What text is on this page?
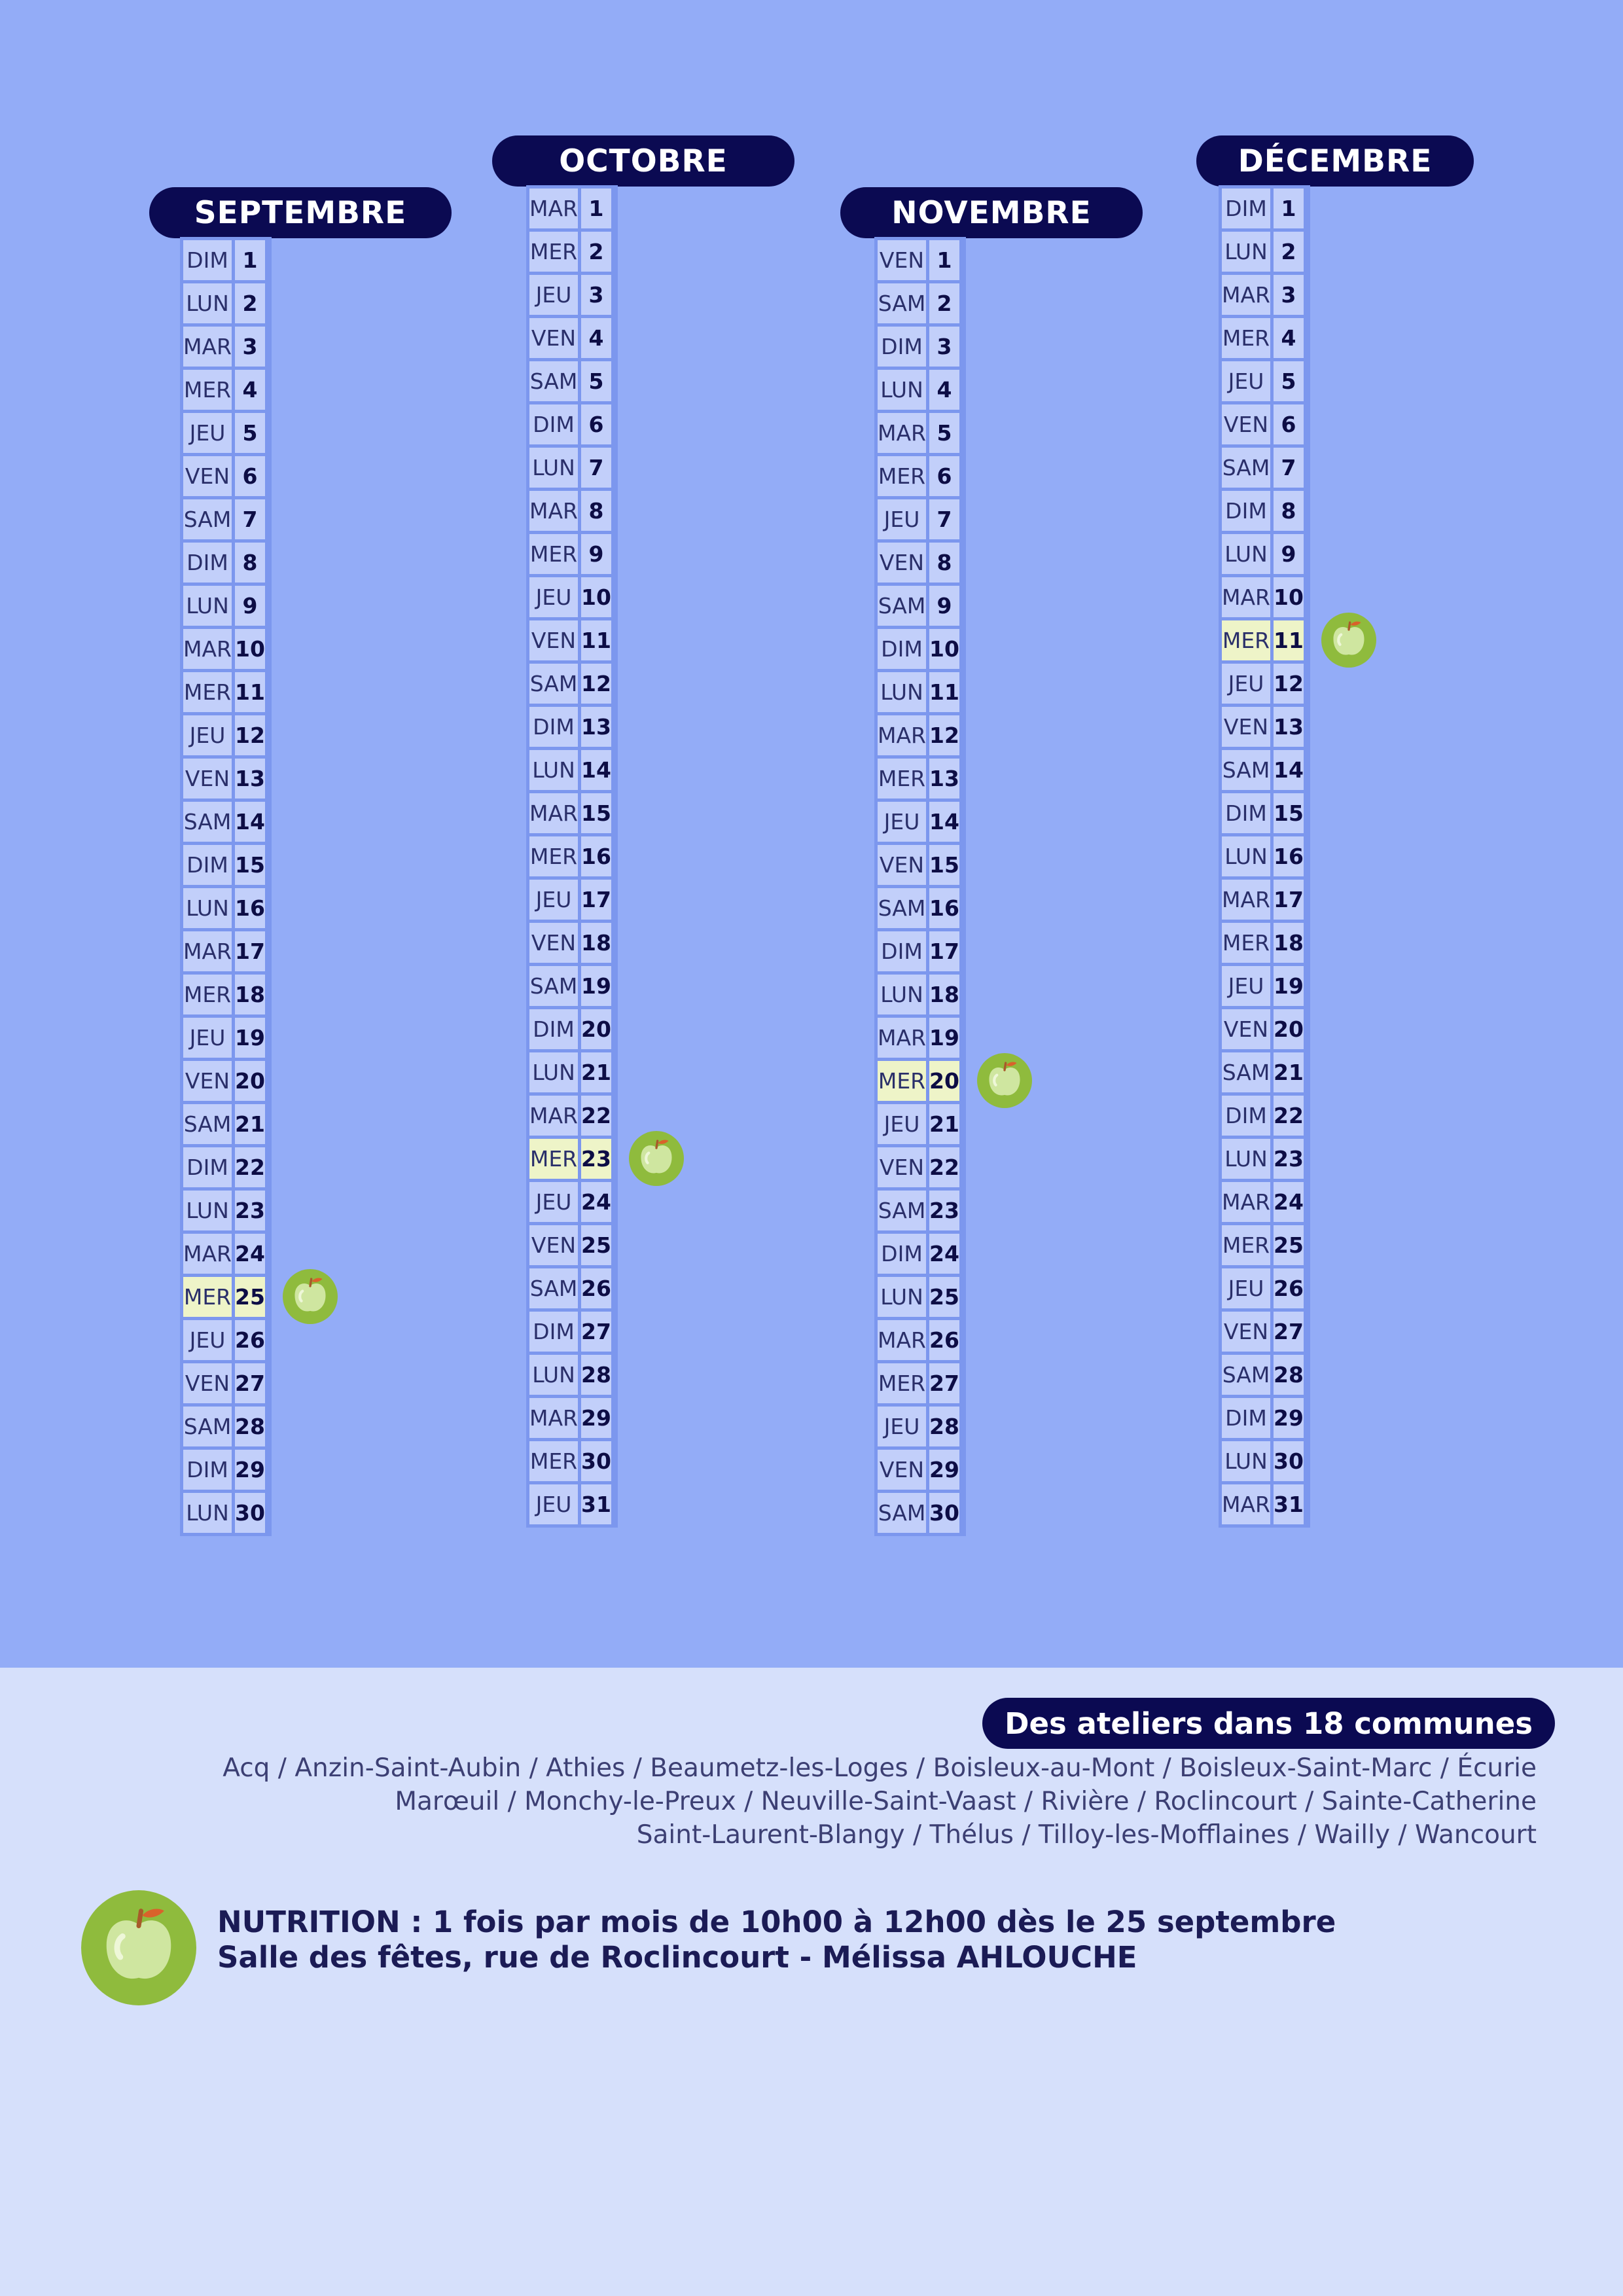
SEPTEMBRE
DIM	1	
LUN	2	
MAR	3	
MER	4	
JEU	5	
VEN	6	
SAM	7	
DIM	8	
LUN	9	
MAR	10	
MER	11	
JEU	12	
VEN	13	
SAM	14	
DIM	15	
LUN	16	
MAR	17	
MER	18	
JEU	19	
VEN	20	
SAM	21	
DIM	22	
LUN	23	
MAR	24	
MER	25	

JEU	26	
VEN	27	
SAM	28	
DIM	29	
LUN	30	
OCTOBRE
MAR	1	
MER	2	
JEU	3	
VEN	4	
SAM	5	
DIM	6	
LUN	7	
MAR	8	
MER	9	
JEU	10	
VEN	11	
SAM	12	
DIM	13	
LUN	14	
MAR	15	
MER	16	
JEU	17	
VEN	18	
SAM	19	
DIM	20	
LUN	21	
MAR	22	
MER	23	

JEU	24	
VEN	25	
SAM	26	
DIM	27	
LUN	28	
MAR	29	
MER	30	
JEU	31	
NOVEMBRE
VEN	1	
SAM	2	
DIM	3	
LUN	4	
MAR	5	
MER	6	
JEU	7	
VEN	8	
SAM	9	
DIM	10	
LUN	11	
MAR	12	
MER	13	
JEU	14	
VEN	15	
SAM	16	
DIM	17	
LUN	18	
MAR	19	
MER	20	

JEU	21	
VEN	22	
SAM	23	
DIM	24	
LUN	25	
MAR	26	
MER	27	
JEU	28	
VEN	29	
SAM	30	
DÉCEMBRE
DIM	1	
LUN	2	
MAR	3	
MER	4	
JEU	5	
VEN	6	
SAM	7	
DIM	8	
LUN	9	
MAR	10	
MER	11	

JEU	12	
VEN	13	
SAM	14	
DIM	15	
LUN	16	
MAR	17	
MER	18	
JEU	19	
VEN	20	
SAM	21	
DIM	22	
LUN	23	
MAR	24	
MER	25	
JEU	26	
VEN	27	
SAM	28	
DIM	29	
LUN	30	
MAR	31	
Des ateliers dans 18 communes
Acq / Anzin-Saint-Aubin / Athies / Beaumetz-les-Loges / Boisleux-au-Mont / Boisleux-Saint-Marc / Écurie
Marœuil / Monchy-le-Preux / Neuville-Saint-Vaast / Rivière / Roclincourt / Sainte-Catherine
Saint-Laurent-Blangy / Thélus / Tilloy-les-Mofflaines / Wailly / Wancourt
NUTRITION : 1 fois par mois de 10h00 à 12h00 dès le 25 septembre
Salle des fêtes, rue de Roclincourt - Mélissa AHLOUCHE
